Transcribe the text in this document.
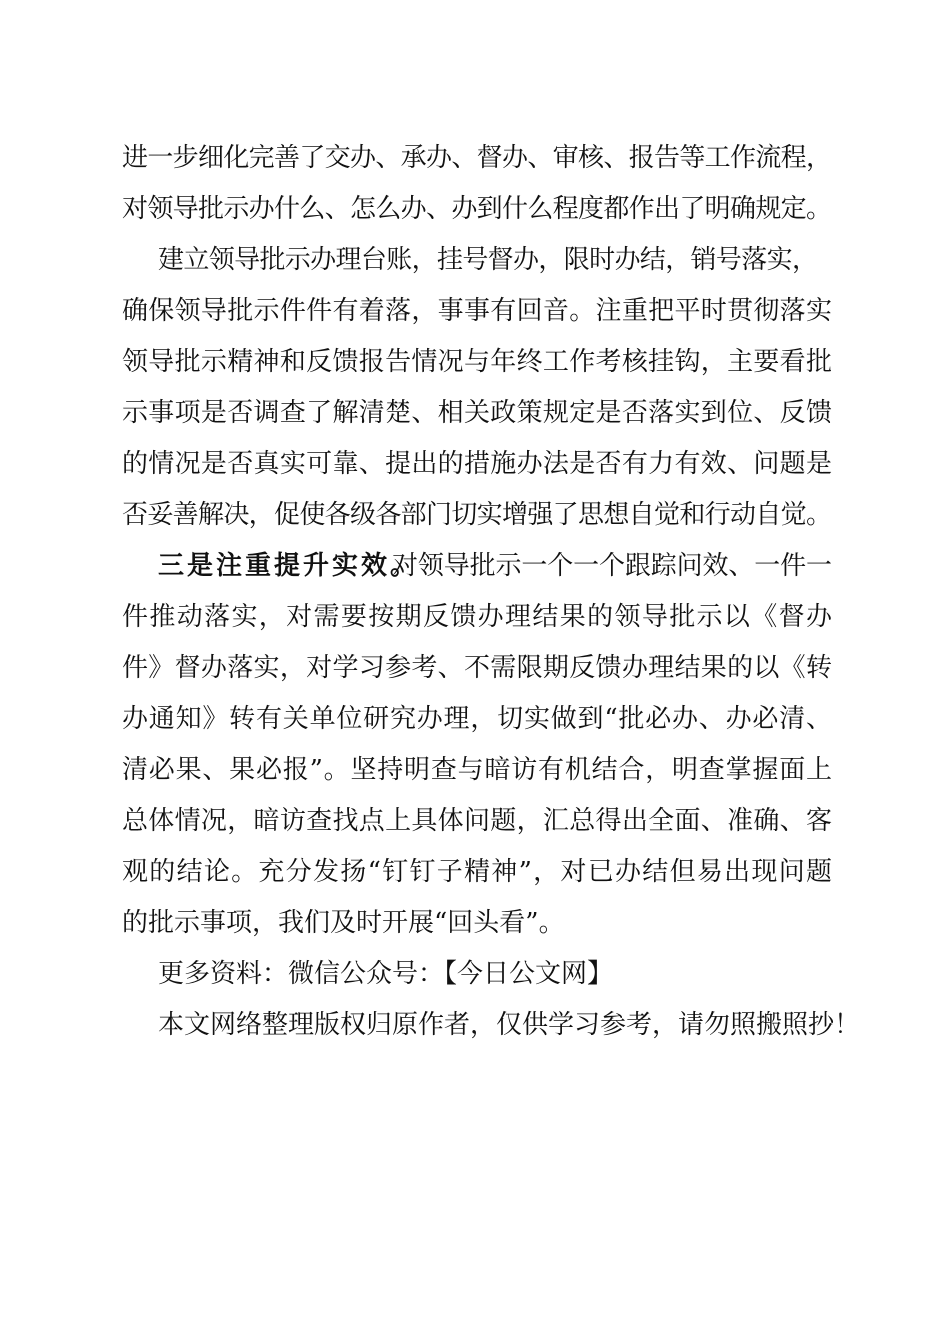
进一步细化完善了交办、承办、督办、审核、报告等工作流程，
对领导批示办什么、怎么办、办到什么程度都作出了明确规定。
建立领导批示办理台账，挂号督办，限时办结，销号落实，
确保领导批示件件有着落，事事有回音。注重把平时贯彻落实
领导批示精神和反馈报告情况与年终工作考核挂钩，主要看批
示事项是否调查了解清楚、相关政策规定是否落实到位、反馈
的情况是否真实可靠、提出的措施办法是否有力有效、问题是
否妥善解决，促使各级各部门切实增强了思想自觉和行动自觉。
三是注重提升实效。
对领导批示一个一个跟踪问效、一件一
件推动落实，对需要按期反馈办理结果的领导批示以《督办
件》督办落实，对学习参考、不需限期反馈办理结果的以《转
办通知》转有关单位研究办理，切实做到“批必办、办必清、
清必果、果必报”。坚持明查与暗访有机结合，明查掌握面上
总体情况，暗访查找点上具体问题，汇总得出全面、准确、客
观的结论。充分发扬“钉钉子精神”，对已办结但易出现问题
的批示事项，我们及时开展“回头看”。
更多资料：微信公众号：【今日公文网】
本文网络整理版权归原作者，仅供学习参考，请勿照搬照抄！
